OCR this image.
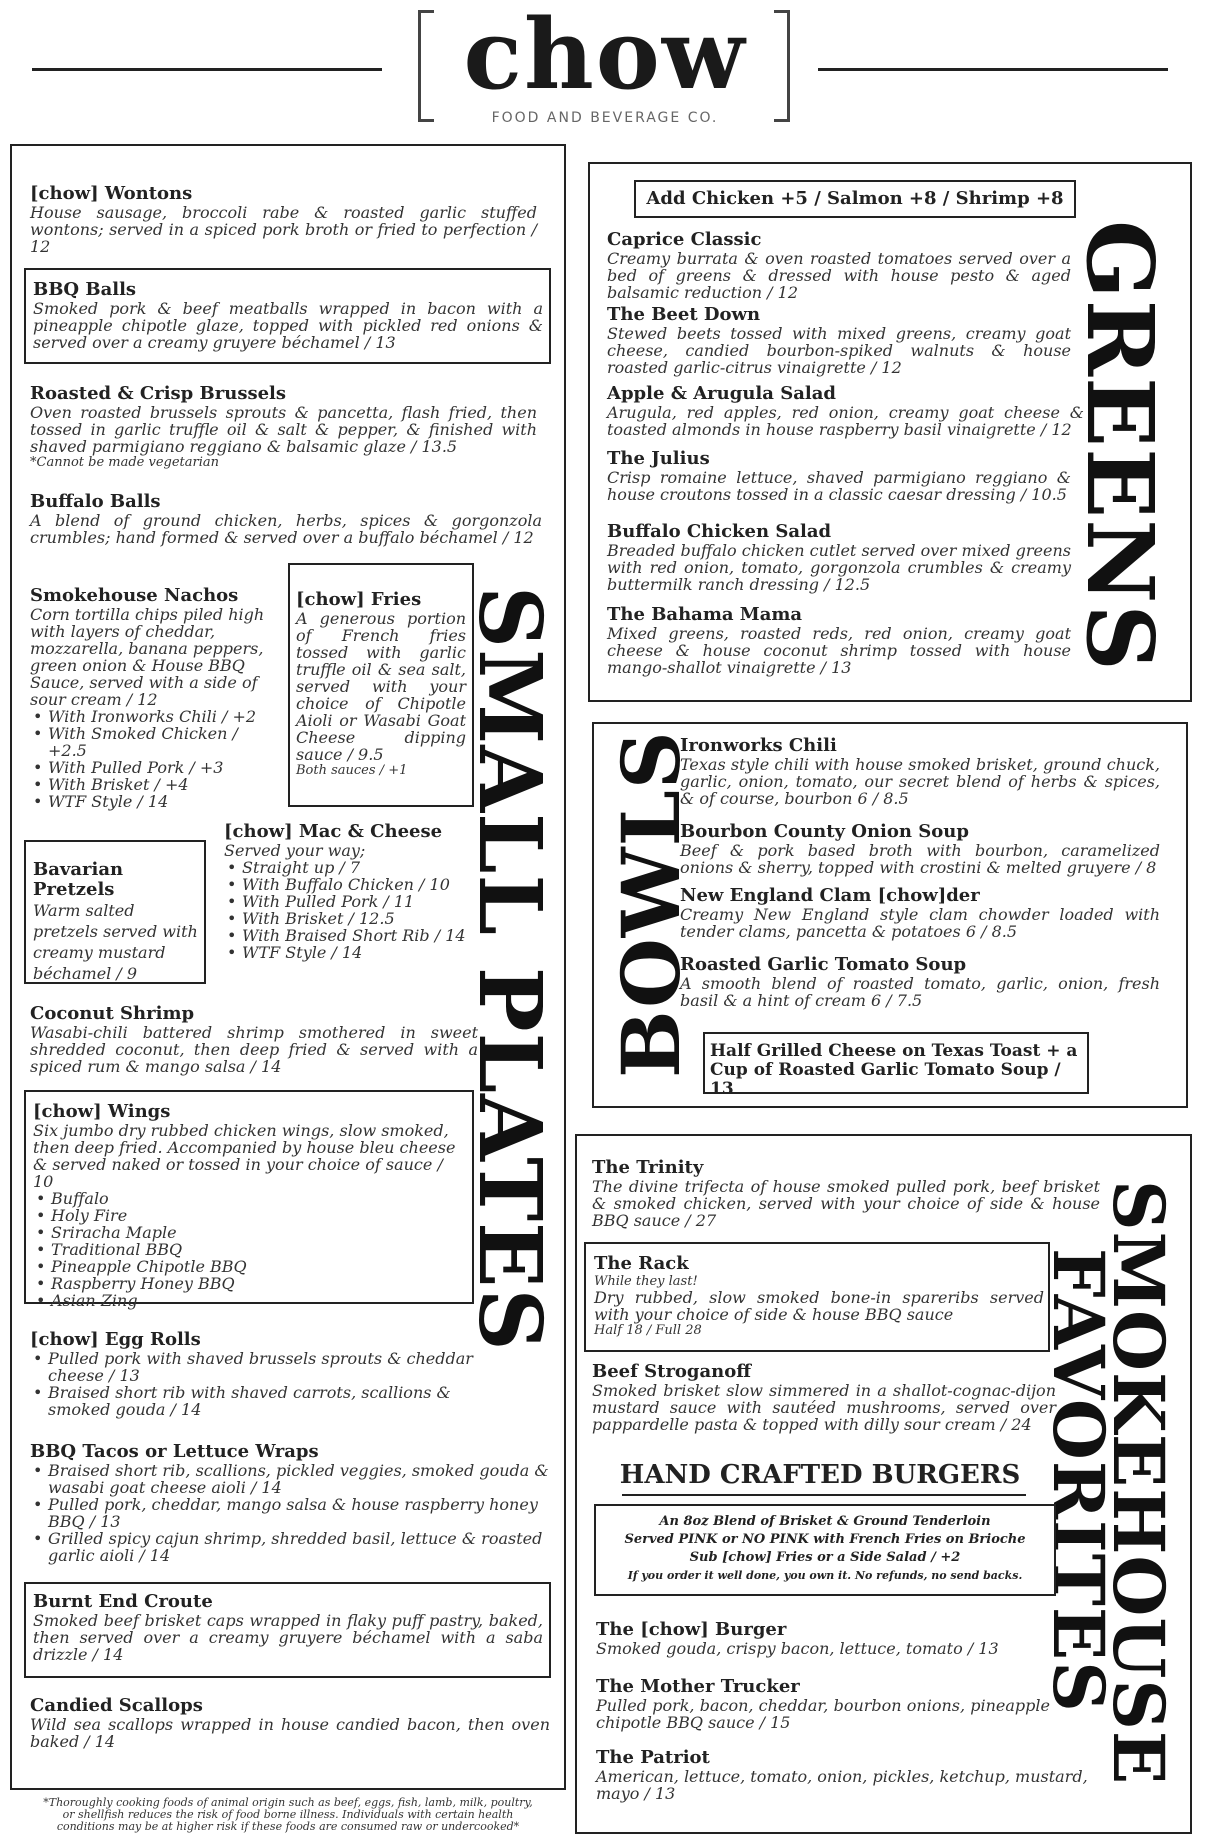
chow
FOOD AND BEVERAGE CO.
SMALL PLATES
[chow] Wontons
House sausage, broccoli rabe & roasted garlic stuffed wontons; served in a spiced pork broth or fried to perfection / 12
BBQ Balls
Smoked pork & beef meatballs wrapped in bacon with a pineapple chipotle glaze, topped with pickled red onions & served over a creamy gruyere béchamel / 13
Roasted & Crisp Brussels
Oven roasted brussels sprouts & pancetta, flash fried, then tossed in garlic truffle oil & salt & pepper, & finished with shaved parmigiano reggiano & balsamic glaze / 13.5
*Cannot be made vegetarian
Buffalo Balls
A blend of ground chicken, herbs, spices & gorgonzola crumbles; hand formed & served over a buffalo béchamel / 12
Smokehouse Nachos
Corn tortilla chips piled high with layers of cheddar, mozzarella, banana peppers, green onion & House BBQ Sauce, served with a side of sour cream / 12
• With Ironworks Chili / +2
• With Smoked Chicken / +2.5
• With Pulled Pork / +3
• With Brisket / +4
• WTF Style / 14
[chow] Fries
A generous portion of French fries tossed with garlic truffle oil & sea salt, served with your choice of Chipotle Aioli or Wasabi Goat Cheese dipping sauce / 9.5
Both sauces / +1
Bavarian Pretzels
Warm salted pretzels served with creamy mustard béchamel / 9
[chow] Mac & Cheese
Served your way;
• Straight up / 7
• With Buffalo Chicken / 10
• With Pulled Pork / 11
• With Brisket / 12.5
• With Braised Short Rib / 14
• WTF Style / 14
Coconut Shrimp
Wasabi-chili battered shrimp smothered in sweet shredded coconut, then deep fried & served with a spiced rum & mango salsa / 14
[chow] Wings
Six jumbo dry rubbed chicken wings, slow smoked, then deep fried. Accompanied by house bleu cheese & served naked or tossed in your choice of sauce / 10
• Buffalo
• Holy Fire
• Sriracha Maple
• Traditional BBQ
• Pineapple Chipotle BBQ
• Raspberry Honey BBQ
• Asian Zing
[chow] Egg Rolls
• Pulled pork with shaved brussels sprouts & cheddar cheese / 13
• Braised short rib with shaved carrots, scallions & smoked gouda / 14
BBQ Tacos or Lettuce Wraps
• Braised short rib, scallions, pickled veggies, smoked gouda & wasabi goat cheese aioli / 14
• Pulled pork, cheddar, mango salsa & house raspberry honey BBQ / 13
• Grilled spicy cajun shrimp, shredded basil, lettuce & roasted garlic aioli / 14
Burnt End Croute
Smoked beef brisket caps wrapped in flaky puff pastry, baked, then served over a creamy gruyere béchamel with a saba drizzle / 14
Candied Scallops
Wild sea scallops wrapped in house candied bacon, then oven baked / 14
*Thoroughly cooking foods of animal origin such as beef, eggs, fish, lamb, milk, poultry, or shellfish reduces the risk of food borne illness. Individuals with certain health conditions may be at higher risk if these foods are consumed raw or undercooked*
GREENS
Add Chicken +5 / Salmon +8 / Shrimp +8
Caprice Classic
Creamy burrata & oven roasted tomatoes served over a bed of greens & dressed with house pesto & aged balsamic reduction / 12
The Beet Down
Stewed beets tossed with mixed greens, creamy goat cheese, candied bourbon-spiked walnuts & house roasted garlic-citrus vinaigrette / 12
Apple & Arugula Salad
Arugula, red apples, red onion, creamy goat cheese & toasted almonds in house raspberry basil vinaigrette / 12
The Julius
Crisp romaine lettuce, shaved parmigiano reggiano & house croutons tossed in a classic caesar dressing / 10.5
Buffalo Chicken Salad
Breaded buffalo chicken cutlet served over mixed greens with red onion, tomato, gorgonzola crumbles & creamy buttermilk ranch dressing / 12.5
The Bahama Mama
Mixed greens, roasted reds, red onion, creamy goat cheese & house coconut shrimp tossed with house mango-shallot vinaigrette / 13
BOWLS
Ironworks Chili
Texas style chili with house smoked brisket, ground chuck, garlic, onion, tomato, our secret blend of herbs & spices, & of course, bourbon 6 / 8.5
Bourbon County Onion Soup
Beef & pork based broth with bourbon, caramelized onions & sherry, topped with crostini & melted gruyere / 8
New England Clam [chow]der
Creamy New England style clam chowder loaded with tender clams, pancetta & potatoes 6 / 8.5
Roasted Garlic Tomato Soup
A smooth blend of roasted tomato, garlic, onion, fresh basil & a hint of cream 6 / 7.5
Half Grilled Cheese on Texas Toast + a Cup of Roasted Garlic Tomato Soup / 13
SMOKEHOUSE
FAVORITES
The Trinity
The divine trifecta of house smoked pulled pork, beef brisket & smoked chicken, served with your choice of side & house BBQ sauce / 27
The Rack
While they last!
Dry rubbed, slow smoked bone-in spareribs served with your choice of side & house BBQ sauce
Half 18 / Full 28
Beef Stroganoff
Smoked brisket slow simmered in a shallot-cognac-dijon mustard sauce with sautéed mushrooms, served over pappardelle pasta & topped with dilly sour cream / 24
HAND CRAFTED BURGERS
An 8oz Blend of Brisket & Ground Tenderloin
Served PINK or NO PINK with French Fries on Brioche
Sub [chow] Fries or a Side Salad / +2
If you order it well done, you own it. No refunds, no send backs.
The [chow] Burger
Smoked gouda, crispy bacon, lettuce, tomato / 13
The Mother Trucker
Pulled pork, bacon, cheddar, bourbon onions, pineapple chipotle BBQ sauce / 15
The Patriot
American, lettuce, tomato, onion, pickles, ketchup, mustard, mayo / 13
